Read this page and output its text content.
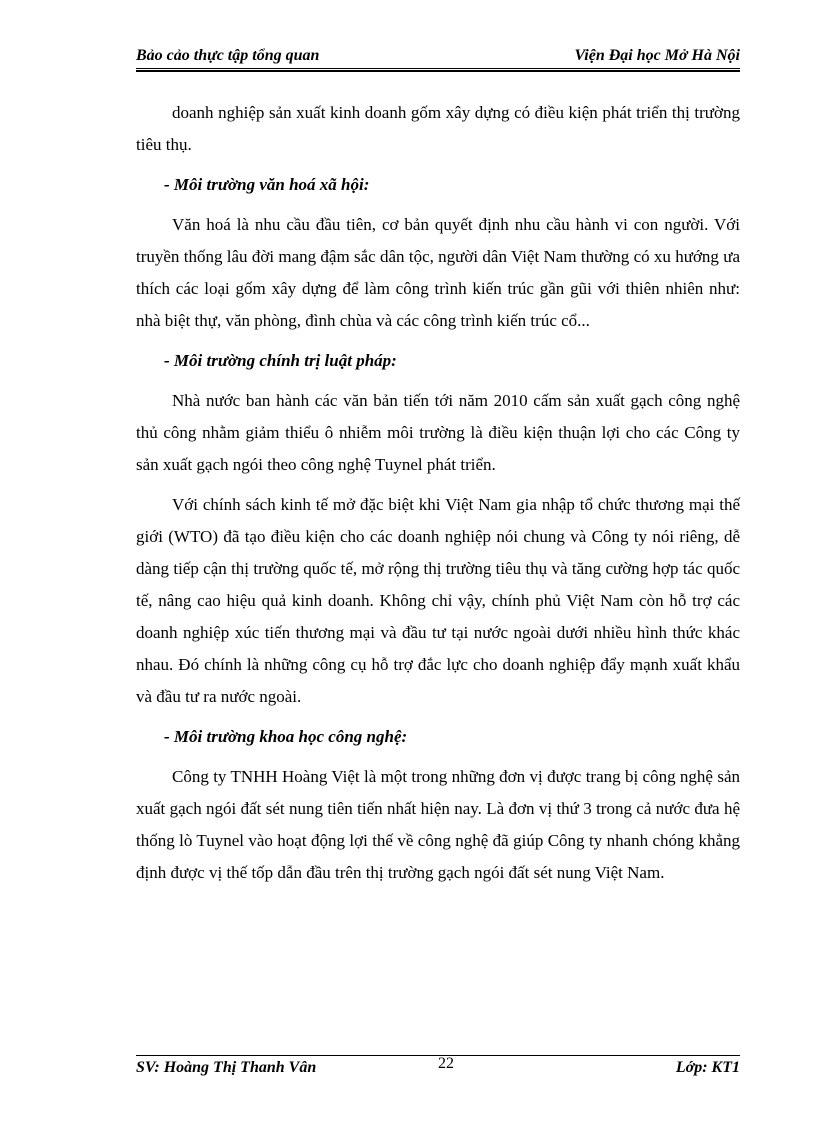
Bảo cảo thực tập tổng quan	Viện Đại học Mở Hà Nội

doanh nghiệp sản xuất kinh doanh gốm xây dựng có điều kiện phát triển thị trường tiêu thụ.

- Môi trường văn hoá xã hội:

Văn hoá là nhu cầu đầu tiên, cơ bản quyết định nhu cầu hành vi con người. Với truyền thống lâu đời mang đậm sắc dân tộc, người dân Việt Nam thường có xu hướng ưa thích các loại gốm xây dựng để làm công trình kiến trúc gần gũi với thiên nhiên như: nhà biệt thự, văn phòng, đình chùa và các công trình kiến trúc cổ...

- Môi trường chính trị luật pháp:

Nhà nước ban hành các văn bản tiến tới năm 2010 cấm sản xuất gạch công nghệ thủ công nhằm giảm thiểu ô nhiễm môi trường là điều kiện thuận lợi cho các Công ty sản xuất gạch ngói theo công nghệ Tuynel phát triển.

Với chính sách kinh tế mở đặc biệt khi Việt Nam gia nhập tổ chức thương mại thế giới (WTO) đã tạo điều kiện cho các doanh nghiệp nói chung và Công ty nói riêng, dễ dàng tiếp cận thị trường quốc tế, mở rộng thị trường tiêu thụ và tăng cường hợp tác quốc tế, nâng cao hiệu quả kinh doanh. Không chỉ vậy, chính phủ Việt Nam còn hỗ trợ các doanh nghiệp xúc tiến thương mại và đầu tư tại nước ngoài dưới nhiều hình thức khác nhau. Đó chính là những công cụ hỗ trợ đắc lực cho doanh nghiệp đẩy mạnh xuất khẩu và đầu tư ra nước ngoài.

- Môi trường khoa học công nghệ:

Công ty TNHH Hoàng Việt là một trong những đơn vị được trang bị công nghệ sản xuất gạch ngói đất sét nung tiên tiến nhất hiện nay. Là đơn vị thứ 3 trong cả nước đưa hệ thống lò Tuynel vào hoạt động lợi thế về công nghệ đã giúp Công ty nhanh chóng khẳng định được vị thế tốp dẫn đầu trên thị trường gạch ngói đất sét nung Việt Nam.

SV: Hoàng Thị Thanh Vân	22	Lớp: KT1
